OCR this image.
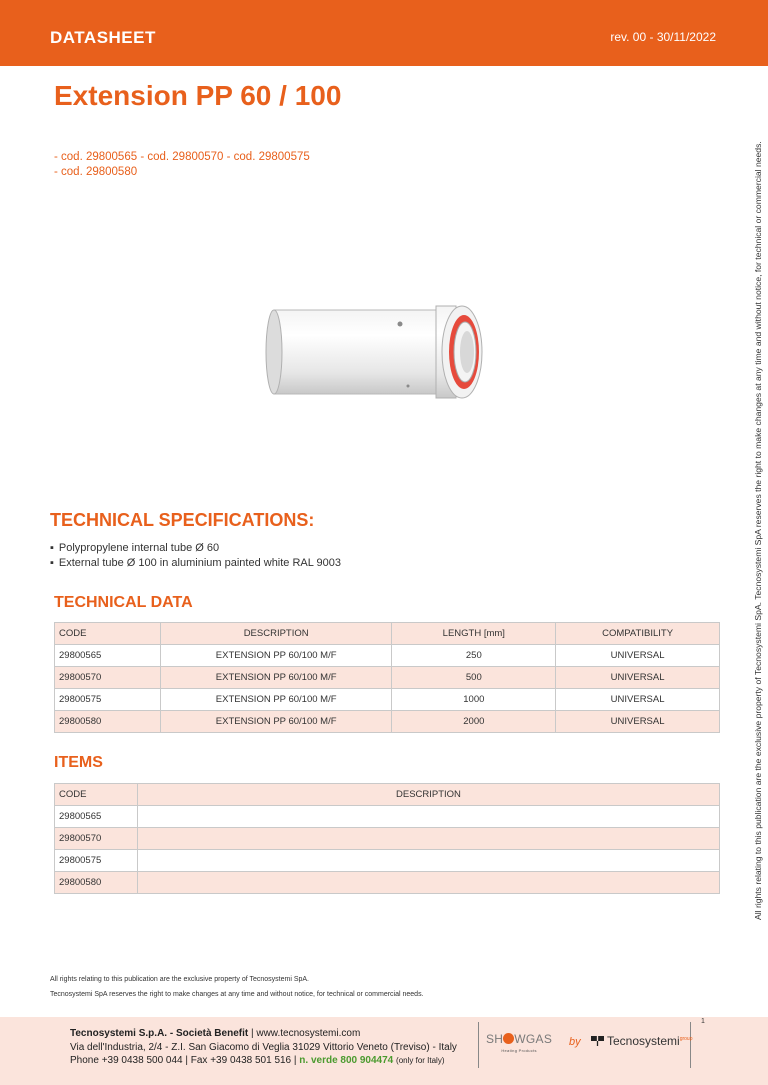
DATASHEET	rev. 00 - 30/11/2022
Extension PP 60 / 100
- cod. 29800565 - cod. 29800570 - cod. 29800575
- cod. 29800580	All rights relating to this publication are the exclusive property of Tecnosystemi SpA. Tecnosystemi SpA reserves the right to make changes at any time and without notice, for technical or commercial needs.
TECHNICAL SPECIFICATIONS:
▪ Polypropylene internal tube Ø 60
▪ External tube Ø 100 in aluminium painted white RAL 9003
TECHNICAL DATA
CODE	DESCRIPTION	LENGTH [mm]	COMPATIBILITY
29800565	EXTENSION PP 60/100 M/F	250	UNIVERSAL
29800570	EXTENSION PP 60/100 M/F	500	UNIVERSAL
29800575	EXTENSION PP 60/100 M/F	1000	UNIVERSAL
29800580	EXTENSION PP 60/100 M/F	2000	UNIVERSAL
ITEMS
CODE	DESCRIPTION
29800565	
29800570	
29800575	
29800580	
All rights relating to this publication are the exclusive property of Tecnosystemi SpA.
Tecnosystemi SpA reserves the right to make changes at any time and without notice, for technical or commercial needs.
Tecnosystemi S.p.A. - Società Benefit | www.tecnosystemi.com
Via dell'Industria, 2/4 - Z.I. San Giacomo di Veglia 31029 Vittorio Veneto (Treviso) - Italy
Phone +39 0438 500 044 | Fax +39 0438 501 516 | n. verde 800 904474 (only for Italy)
1
SH WGAS
Heating Products
by	Tecnosystemi$^{group}$
